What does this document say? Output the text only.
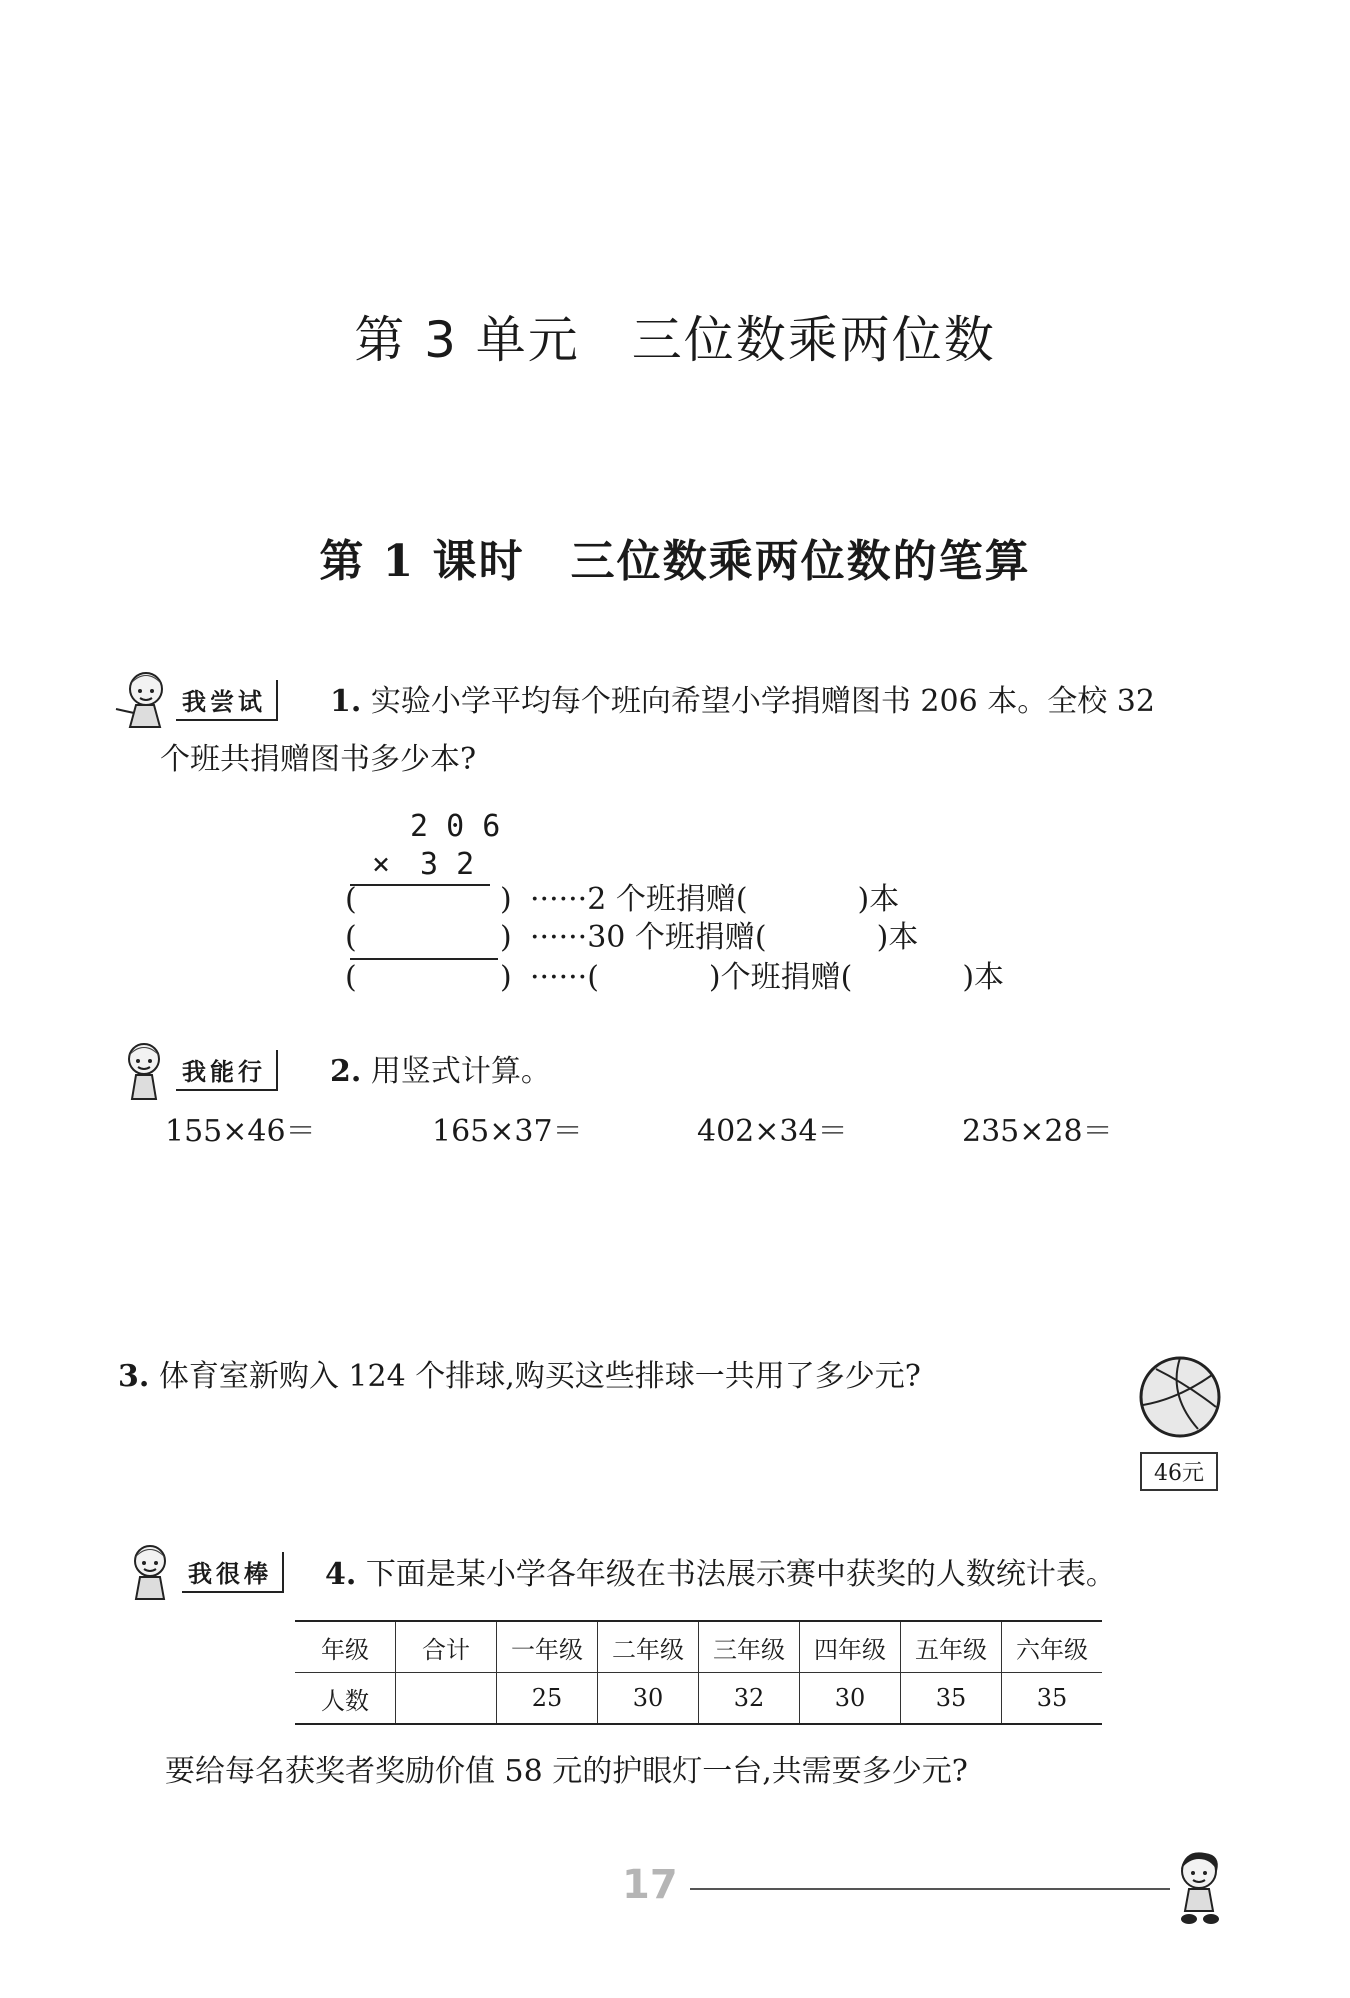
第 3 单元　三位数乘两位数
第 1 课时　三位数乘两位数的笔算
我尝试	1. 实验小学平均每个班向希望小学捐赠图书 206 本。全校 32
个班共捐赠图书多少本?
2 0 6
×　3 2
(	) ······2 个班捐赠(	)本
(	) ······30 个班捐赠(	)本
(	) ······(	)个班捐赠(	)本
我能行	2. 用竖式计算。
155×46＝	165×37＝	402×34＝	235×28＝
3. 体育室新购入 124 个排球,购买这些排球一共用了多少元?
46元
我很棒	4. 下面是某小学各年级在书法展示赛中获奖的人数统计表。
年级	合计	一年级	二年级	三年级	四年级	五年级	六年级
人数		25	30	32	30	35	35
要给每名获奖者奖励价值 58 元的护眼灯一台,共需要多少元?
17
